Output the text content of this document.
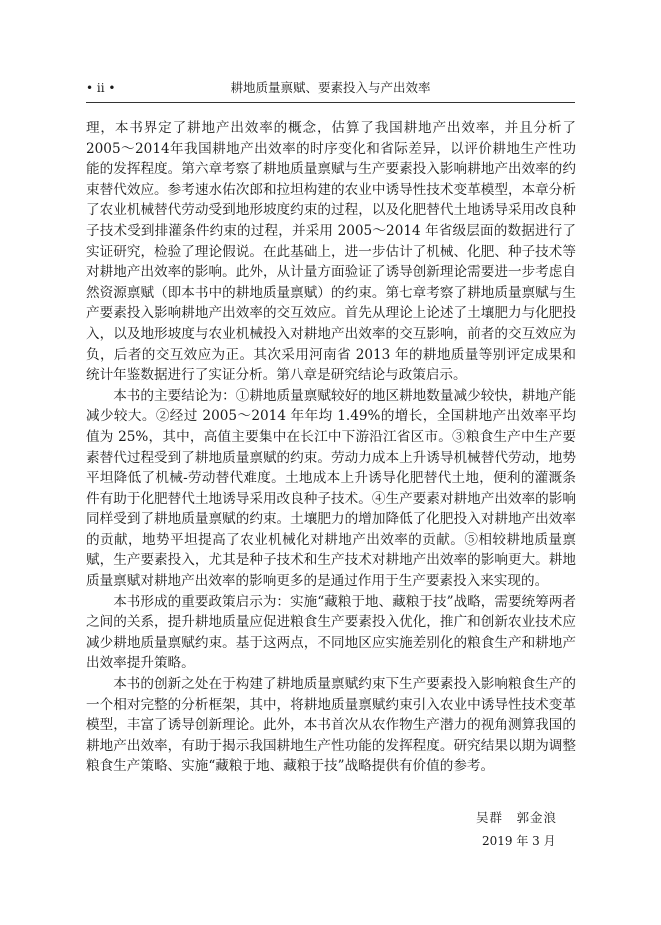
• ii •	耕地质量禀赋、要素投入与产出效率

理，本书界定了耕地产出效率的概念，估算了我国耕地产出效率，并且分析了2005～2014年我国耕地产出效率的时序变化和省际差异，以评价耕地生产性功能的发挥程度。第六章考察了耕地质量禀赋与生产要素投入影响耕地产出效率的约束替代效应。参考速水佑次郎和拉坦构建的农业中诱导性技术变革模型，本章分析了农业机械替代劳动受到地形坡度约束的过程，以及化肥替代土地诱导采用改良种子技术受到排灌条件约束的过程，并采用 2005～2014 年省级层面的数据进行了实证研究，检验了理论假说。在此基础上，进一步估计了机械、化肥、种子技术等对耕地产出效率的影响。此外，从计量方面验证了诱导创新理论需要进一步考虑自然资源禀赋（即本书中的耕地质量禀赋）的约束。第七章考察了耕地质量禀赋与生产要素投入影响耕地产出效率的交互效应。首先从理论上论述了土壤肥力与化肥投入，以及地形坡度与农业机械投入对耕地产出效率的交互影响，前者的交互效应为负，后者的交互效应为正。其次采用河南省 2013 年的耕地质量等别评定成果和统计年鉴数据进行了实证分析。第八章是研究结论与政策启示。

本书的主要结论为：①耕地质量禀赋较好的地区耕地数量减少较快，耕地产能减少较大。②经过 2005～2014 年年均 1.49%的增长，全国耕地产出效率平均值为 25%，其中，高值主要集中在长江中下游沿江省区市。③粮食生产中生产要素替代过程受到了耕地质量禀赋的约束。劳动力成本上升诱导机械替代劳动，地势平坦降低了机械-劳动替代难度。土地成本上升诱导化肥替代土地，便利的灌溉条件有助于化肥替代土地诱导采用改良种子技术。④生产要素对耕地产出效率的影响同样受到了耕地质量禀赋的约束。土壤肥力的增加降低了化肥投入对耕地产出效率的贡献，地势平坦提高了农业机械化对耕地产出效率的贡献。⑤相较耕地质量禀赋，生产要素投入，尤其是种子技术和生产技术对耕地产出效率的影响更大。耕地质量禀赋对耕地产出效率的影响更多的是通过作用于生产要素投入来实现的。

本书形成的重要政策启示为：实施“藏粮于地、藏粮于技”战略，需要统筹两者之间的关系，提升耕地质量应促进粮食生产要素投入优化，推广和创新农业技术应减少耕地质量禀赋约束。基于这两点，不同地区应实施差别化的粮食生产和耕地产出效率提升策略。

本书的创新之处在于构建了耕地质量禀赋约束下生产要素投入影响粮食生产的一个相对完整的分析框架，其中，将耕地质量禀赋约束引入农业中诱导性技术变革模型，丰富了诱导创新理论。此外，本书首次从农作物生产潜力的视角测算我国的耕地产出效率，有助于揭示我国耕地生产性功能的发挥程度。研究结果以期为调整粮食生产策略、实施“藏粮于地、藏粮于技”战略提供有价值的参考。

吴群　郭金浪
2019 年 3 月
